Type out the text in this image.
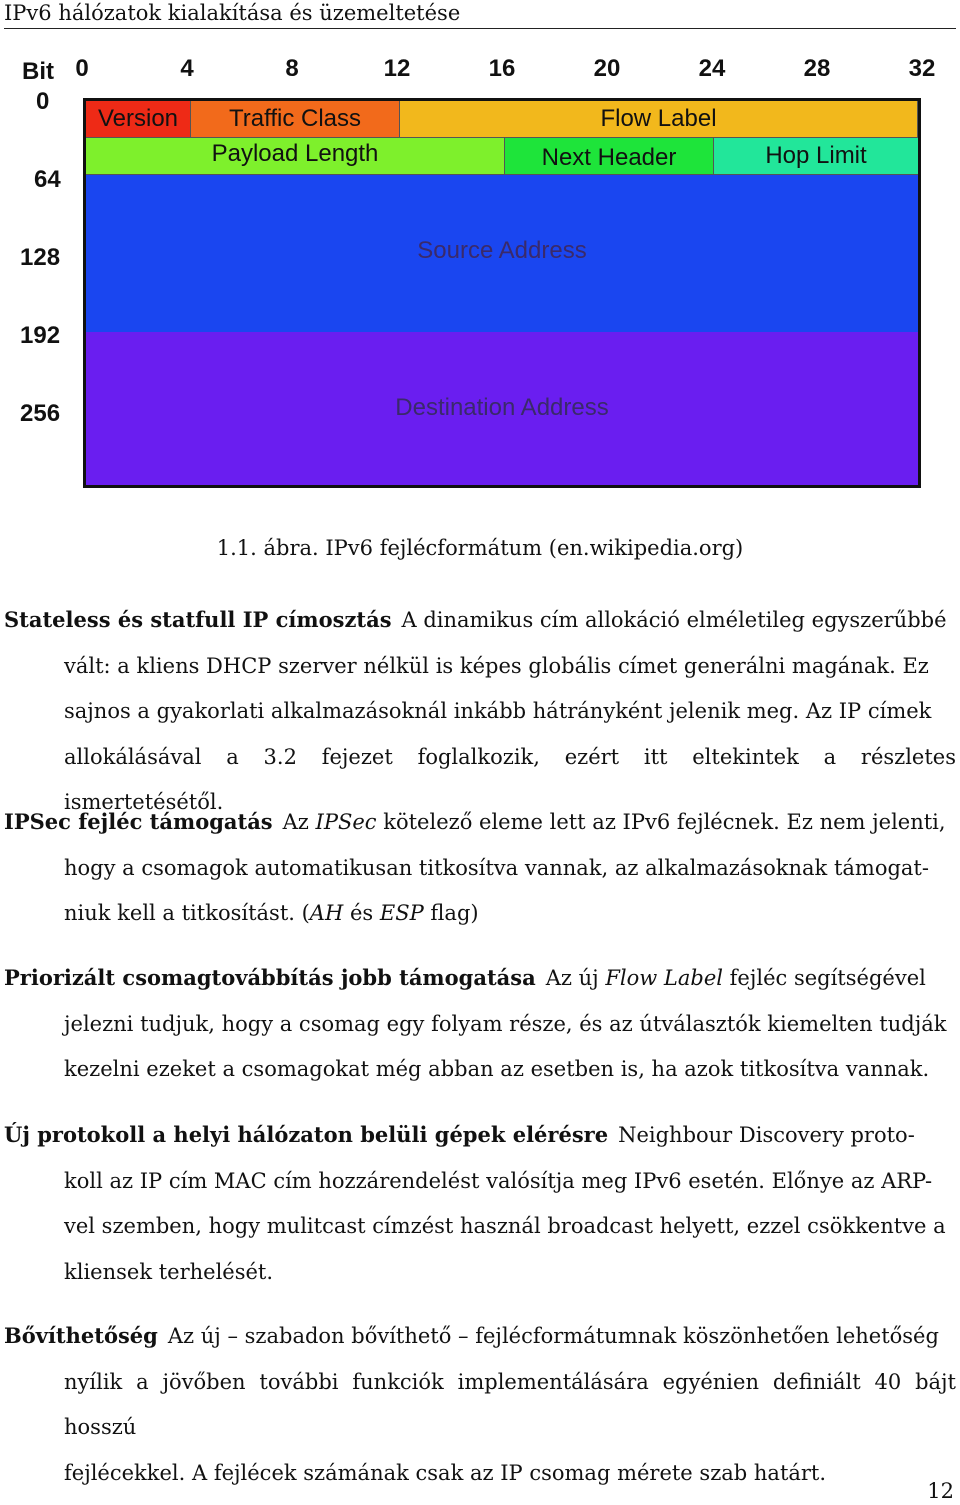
IPv6 hálózatok kialakítása és üzemeltetése
Bit 0	4	8	12	16	20	24	28	32
0
64
128
192
256
Version Traffic Class	Flow Label
Payload Length	Next Header	Hop Limit
Source Address
Destination Address
1.1. ábra. IPv6 fejlécformátum (en.wikipedia.org)
Stateless és statfull IP címosztás A dinamikus cím allokáció elméletileg egyszerűbbé
vált: a kliens DHCP szerver nélkül is képes globális címet generálni magának. Ez
sajnos a gyakorlati alkalmazásoknál inkább hátrányként jelenik meg. Az IP címek
allokálásával a 3.2 fejezet foglalkozik, ezért itt eltekintek a részletes ismertetésétől.
IPSec fejléc támogatás Az IPSec kötelező eleme lett az IPv6 fejlécnek. Ez nem jelenti,
hogy a csomagok automatikusan titkosítva vannak, az alkalmazásoknak támogat-
niuk kell a titkosítást. (AH és ESP flag)
Priorizált csomagtovábbítás jobb támogatása Az új Flow Label fejléc segítségével
jelezni tudjuk, hogy a csomag egy folyam része, és az útválasztók kiemelten tudják
kezelni ezeket a csomagokat még abban az esetben is, ha azok titkosítva vannak.
Új protokoll a helyi hálózaton belüli gépek elérésre Neighbour Discovery proto-
koll az IP cím MAC cím hozzárendelést valósítja meg IPv6 esetén. Előnye az ARP-
vel szemben, hogy mulitcast címzést használ broadcast helyett, ezzel csökkentve a
kliensek terhelését.
Bővíthetőség Az új – szabadon bővíthető – fejlécformátumnak köszönhetően lehetőség
nyílik a jövőben további funkciók implementálására egyénien definiált 40 bájt hosszú
fejlécekkel. A fejlécek számának csak az IP csomag mérete szab határt.
12
